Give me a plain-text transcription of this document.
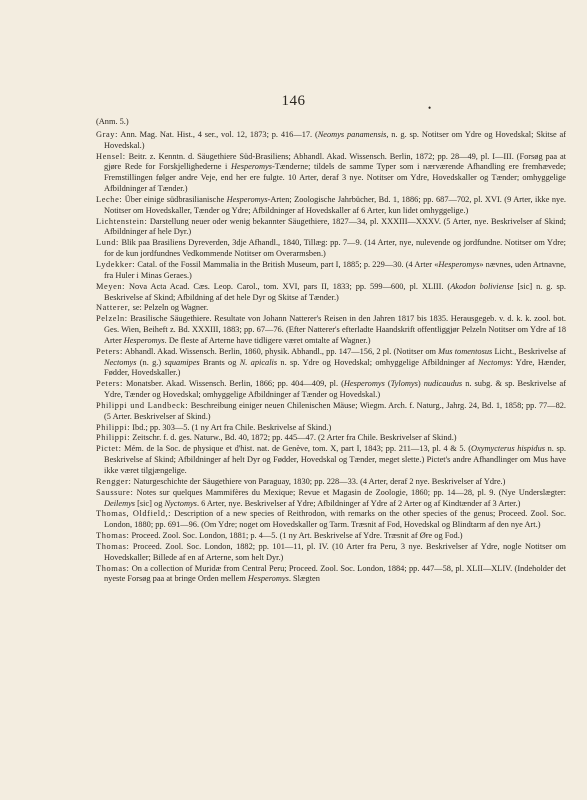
146	•

(Anm. 5.)

Gray: Ann. Mag. Nat. Hist., 4 ser., vol. 12, 1873; p. 416—17. (Neomys panamensis, n. g. sp. Notitser om Ydre og Hovedskal; Skitse af Hovedskal.)

Hensel: Beitr. z. Kenntn. d. Säugethiere Süd-Brasiliens; Abhandl. Akad. Wissensch. Berlin, 1872; pp. 28—49, pl. I—III. (Forsøg paa at gjøre Rede for Forskjellighederne i Hesperomys-Tænderne; tildels de samme Typer som i nærværende Afhandling ere fremhævede; Fremstillingen følger andre Veje, end her ere fulgte. 10 Arter, deraf 3 nye. Notitser om Ydre, Hovedskaller og Tænder; omhyggelige Afbildninger af Tænder.)

Leche: Über einige südbrasilianische Hesperomys-Arten; Zoologische Jahrbücher, Bd. 1, 1886; pp. 687—702, pl. XVI. (9 Arter, ikke nye. Notitser om Hovedskaller, Tænder og Ydre; Afbildninger af Hovedskaller af 6 Arter, kun lidet omhyggelige.)

Lichtenstein: Darstellung neuer oder wenig bekannter Säugethiere, 1827—34, pl. XXXIII—XXXV. (5 Arter, nye. Beskrivelser af Skind; Afbildninger af hele Dyr.)

Lund: Blik paa Brasiliens Dyreverden, 3dje Afhandl., 1840, Tillæg: pp. 7—9. (14 Arter, nye, nulevende og jordfundne. Notitser om Ydre; for de kun jordfundnes Vedkommende Notitser om Overarmsben.)

Lydekker: Catal. of the Fossil Mammalia in the British Museum, part I, 1885; p. 229—30. (4 Arter «Hesperomys» nævnes, uden Artnavne, fra Huler i Minas Geraes.)

Meyen: Nova Acta Acad. Cæs. Leop. Carol., tom. XVI, pars II, 1833; pp. 599—600, pl. XLIII. (Akodon boliviense [sic] n. g. sp. Beskrivelse af Skind; Afbildning af det hele Dyr og Skitse af Tænder.)

Natterer, se: Pelzeln og Wagner.

Pelzeln: Brasilische Säugethiere. Resultate von Johann Natterer's Reisen in den Jahren 1817 bis 1835. Herausgegeb. v. d. k. k. zool. bot. Ges. Wien, Beiheft z. Bd. XXXIII, 1883; pp. 67—76. (Efter Natterer's efterladte Haandskrift offentliggjør Pelzeln Notitser om Ydre af 18 Arter Hesperomys. De fleste af Arterne have tidligere været omtalte af Wagner.)

Peters: Abhandl. Akad. Wissensch. Berlin, 1860, physik. Abhandl., pp. 147—156, 2 pl. (Notitser om Mus tomentosus Licht., Beskrivelse af Nectomys (n. g.) squamipes Brants og N. apicalis n. sp. Ydre og Hovedskal; omhyggelige Afbildninger af Nectomys: Ydre, Hænder, Fødder, Hovedskaller.)

Peters: Monatsber. Akad. Wissensch. Berlin, 1866; pp. 404—409, pl. (Hesperomys (Tylomys) nudicaudus n. subg. & sp. Beskrivelse af Ydre, Tænder og Hovedskal; omhyggelige Afbildninger af Tænder og Hovedskal.)

Philippi und Landbeck: Beschreibung einiger neuen Chilenischen Mäuse; Wiegm. Arch. f. Naturg., Jahrg. 24, Bd. 1, 1858; pp. 77—82. (5 Arter. Beskrivelser af Skind.)

Philippi: Ibd.; pp. 303—5. (1 ny Art fra Chile. Beskrivelse af Skind.)

Philippi: Zeitschr. f. d. ges. Naturw., Bd. 40, 1872; pp. 445—47. (2 Arter fra Chile. Beskrivelser af Skind.)

Pictet: Mém. de la Soc. de physique et d'hist. nat. de Genève, tom. X, part I, 1843; pp. 211—13, pl. 4 & 5. (Oxymycterus hispidus n. sp. Beskrivelse af Skind; Afbildninger af helt Dyr og Fødder, Hovedskal og Tænder, meget slette.) Pictet's andre Afhandlinger om Mus have ikke været tilgjængelige.

Rengger: Naturgeschichte der Säugethiere von Paraguay, 1830; pp. 228—33. (4 Arter, deraf 2 nye. Beskrivelser af Ydre.)

Saussure: Notes sur quelques Mammifères du Mexique; Revue et Magasin de Zoologie, 1860; pp. 14—28, pl. 9. (Nye Underslægter: Deilemys [sic] og Nyctomys. 6 Arter, nye. Beskrivelser af Ydre; Afbildninger af Ydre af 2 Arter og af Kindtænder af 3 Arter.)

Thomas, Oldfield,: Description of a new species of Reithrodon, with remarks on the other species of the genus; Proceed. Zool. Soc. London, 1880; pp. 691—96. (Om Ydre; noget om Hovedskaller og Tarm. Træsnit af Fod, Hovedskal og Blindtarm af den nye Art.)

Thomas: Proceed. Zool. Soc. London, 1881; p. 4—5. (1 ny Art. Beskrivelse af Ydre. Træsnit af Øre og Fod.)

Thomas: Proceed. Zool. Soc. London, 1882; pp. 101—11, pl. IV. (10 Arter fra Peru, 3 nye. Beskrivelser af Ydre, nogle Notitser om Hovedskaller; Billede af en af Arterne, som helt Dyr.)

Thomas: On a collection of Muridæ from Central Peru; Proceed. Zool. Soc. London, 1884; pp. 447—58, pl. XLII—XLIV. (Indeholder det nyeste Forsøg paa at bringe Orden mellem Hesperomys. Slægten
